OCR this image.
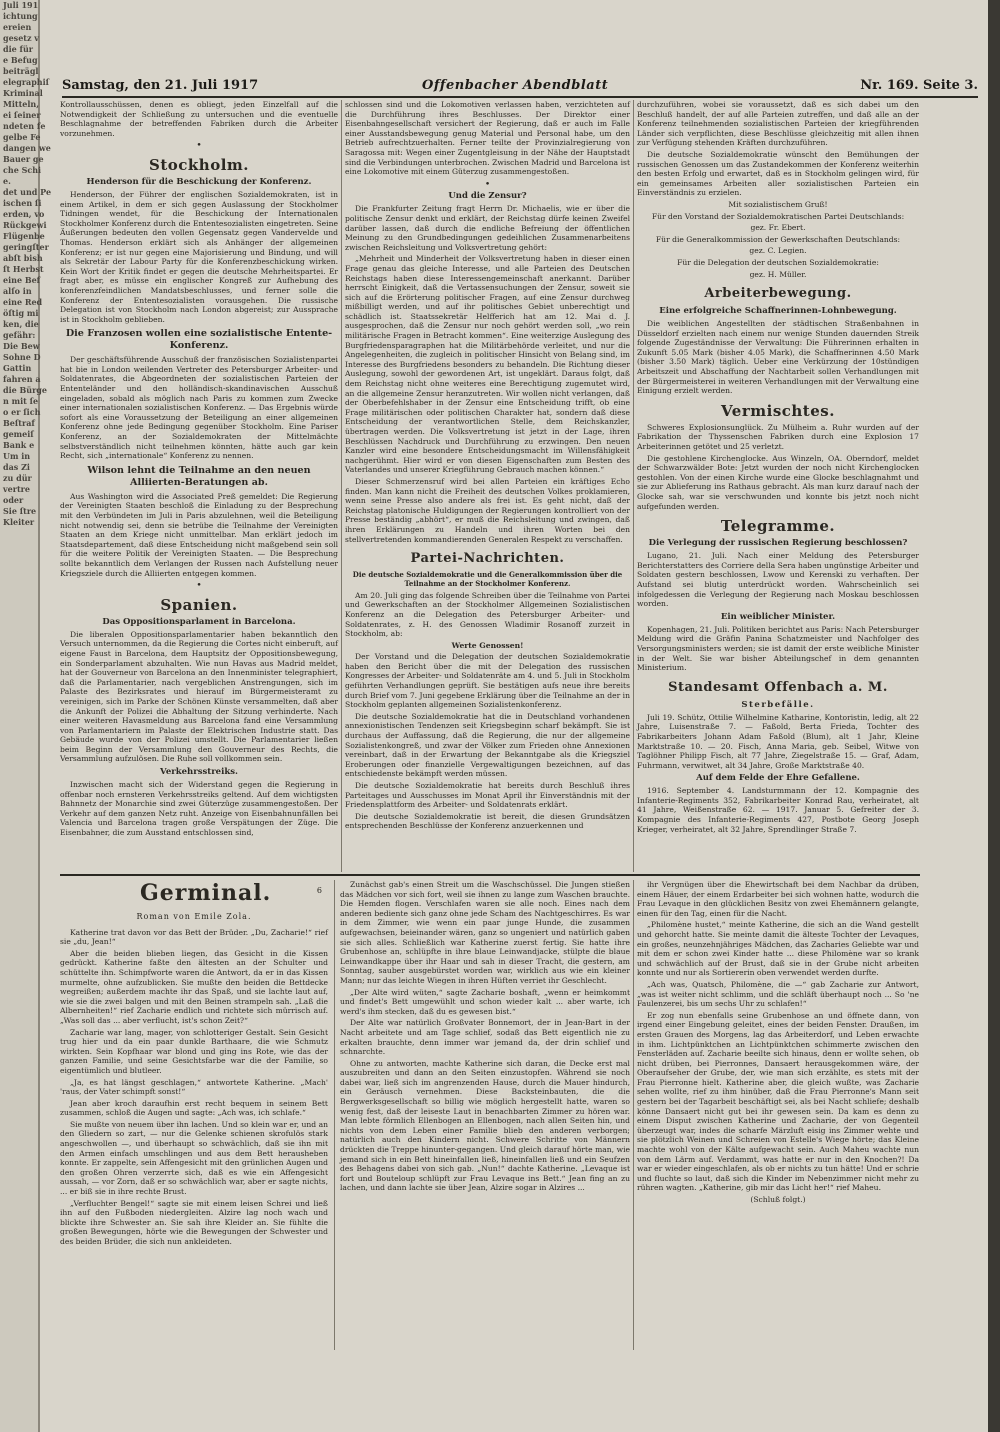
Juli 191
ichtung
ereien
gesetz v
die für
e Befug
beiträgl
elegraphiſ
Kriminal
Mitteln,
ei ſeiner
ndeten fe
gelbe Fe
dangen we
Bauer ge
che Schi
e.
det und Pe
ischen ſi
erden, vo
Rückgewi
Flügenbe
geringſter
abſt bish
ſt Herbst
eine Bef
alſo in
eine Red
öſtig mi
ken, die
gefähr:
Die Bew
Sohne D
Gattin
fahren a
die Bürge
n mit ſe
o er ſich
Beſtraf
gemeiſ
Bank e
Um in
das Zi
zu dür
vertre
oder
Sie ſtre
Kleiter
Samstag, den 21. Juli 1917	Offenbacher Abendblatt	Nr. 169. Seite 3.

Kontrollausschüssen, denen es obliegt, jeden Einzelfall auf die Notwendigkeit der Schließung zu untersuchen und die eventuelle Beschlagnahme der betreffenden Fabriken durch die Arbeiter vorzunehmen.

•
Stockholm.
Henderson für die Beschickung der Konferenz.

Henderson, der Führer der englischen Sozialdemokraten, ist in einem Artikel, in dem er sich gegen Auslassung der Stockholmer Tidningen wendet, für die Beschickung der Internationalen Stockholmer Konferenz durch die Ententesozialisten eingetreten. Seine Äußerungen bedeuten den vollen Gegensatz gegen Vandervelde und Thomas. Henderson erklärt sich als Anhänger der allgemeinen Konferenz; er ist nur gegen eine Majorisierung und Bindung, und will als Sekretär der Labour Party für die Konferenzbeschickung wirken. Kein Wort der Kritik findet er gegen die deutsche Mehrheitspartei. Er fragt aber, es müsse ein englischer Kongreß zur Aufhebung des konferenzfeindlichen Mandatsbeschlusses, und ferner solle die Konferenz der Ententesozialisten vorausgehen. Die russische Delegation ist von Stockholm nach London abgereist; zur Aussprache ist in Stockholm geblieben.

Die Franzosen wollen eine sozialistische Entente-Konferenz.

Der geschäftsführende Ausschuß der französischen Sozialistenpartei hat bie in London weilenden Vertreter des Petersburger Arbeiter- und Soldatenrates, die Abgeordneten der sozialistischen Parteien der Ententeländer und den holländisch-skandinavischen Ausschuß eingeladen, sobald als möglich nach Paris zu kommen zum Zwecke einer internationalen sozialistischen Konferenz. — Das Ergebnis würde sofort als eine Voraussetzung der Beteiligung an einer allgemeinen Konferenz ohne jede Bedingung gegenüber Stockholm. Eine Pariser Konferenz, an der Sozialdemokraten der Mittelmächte selbstverständlich nicht teilnehmen könnten, hätte auch gar kein Recht, sich „internationale“ Konferenz zu nennen.

Wilson lehnt die Teilnahme an den neuen Alliierten-Beratungen ab.

Aus Washington wird die Associated Preß gemeldet: Die Regierung der Vereinigten Staaten beschloß die Einladung zu der Besprechung mit den Verbündeten im Juli in Paris abzulehnen, weil die Beteiligung nicht notwendig sei, denn sie betrübe die Teilnahme der Vereinigten Staaten an dem Kriege nicht unmittelbar. Man erklärt jedoch im Staatsdepartement, daß diese Entscheidung nicht maßgebend sein soll für die weitere Politik der Vereinigten Staaten. — Die Besprechung sollte bekanntlich dem Verlangen der Russen nach Aufstellung neuer Kriegsziele durch die Alliierten entgegen kommen.

•
Spanien.
Das Oppositionsparlament in Barcelona.

Die liberalen Oppositionsparlamentarier haben bekanntlich den Versuch unternommen, da die Regierung die Cortes nicht einberuft, auf eigene Faust in Barcelona, dem Hauptsitz der Oppositionsbewegung, ein Sonderparlament abzuhalten. Wie nun Havas aus Madrid meldet, hat der Gouverneur von Barcelona an den Innenminister telegraphiert, daß die Parlamentarier, nach vergeblichen Anstrengungen, sich im Palaste des Bezirksrates und hierauf im Bürgermeisteramt zu vereinigen, sich im Parke der Schönen Künste versammelten, daß aber die Ankunft der Polizei die Abhaltung der Sitzung verhinderte. Nach einer weiteren Havasmeldung aus Barcelona fand eine Versammlung von Parlamentariern im Palaste der Elektrischen Industrie statt. Das Gebäude wurde von der Polizei umstellt. Die Parlamentarier ließen beim Beginn der Versammlung den Gouverneur des Rechts, die Versammlung aufzulösen. Die Ruhe soll vollkommen sein.

Verkehrsstreiks.

Inzwischen macht sich der Widerstand gegen die Regierung in offenbar noch ernsteren Verkehrsstreiks geltend. Auf dem wichtigsten Bahnnetz der Monarchie sind zwei Güterzüge zusammengestoßen. Der Verkehr auf dem ganzen Netz ruht. Anzeige von Eisenbahnunfällen bei Valencia und Barcelona tragen große Verspätungen der Züge. Die Eisenbahner, die zum Ausstand entschlossen sind,

schlossen sind und die Lokomotiven verlassen haben, verzichteten auf die Durchführung ihres Beschlusses. Der Direktor einer Eisenbahngesellschaft versichert der Regierung, daß er auch im Falle einer Ausstandsbewegung genug Material und Personal habe, um den Betrieb aufrechtzuerhalten. Ferner teilte der Provinzialregierung von Saragossa mit: Wegen einer Zugentgleisung in der Nähe der Hauptstadt sind die Verbindungen unterbrochen. Zwischen Madrid und Barcelona ist eine Lokomotive mit einem Güterzug zusammengestoßen.

•
Und die Zensur?

Die Frankfurter Zeitung fragt Herrn Dr. Michaelis, wie er über die politische Zensur denkt und erklärt, der Reichstag dürfe keinen Zweifel darüber lassen, daß durch die endliche Befreiung der öffentlichen Meinung zu den Grundbedingungen gedeihlichen Zusammenarbeitens zwischen Reichsleitung und Volksvertretung gehört:

„Mehrheit und Minderheit der Volksvertretung haben in dieser einen Frage genau das gleiche Interesse, und alle Parteien des Deutschen Reichstags haben diese Interessengemeinschaft anerkannt. Darüber herrscht Einigkeit, daß die Vertassensuchungen der Zensur, soweit sie sich auf die Erörterung politischer Fragen, auf eine Zensur durchweg mißbilligt werden, und auf ihr politisches Gebiet unberechtigt und schädlich ist. Staatssekretär Helfferich hat am 12. Mai d. J. ausgesprochen, daß die Zensur nur noch gehört werden soll, „wo rein militärische Fragen in Betracht kommen“. Eine weiterzige Auslegung des Burgfriedensparagraphen hat die Militärbehörde verleitet, und nur die Angelegenheiten, die zugleich in politischer Hinsicht von Belang sind, im Interesse des Burgfriedens besonders zu behandeln. Die Richtung dieser Auslegung, sowohl der gewordenen Art, ist ungeklärt. Daraus folgt, daß dem Reichstag nicht ohne weiteres eine Berechtigung zugemutet wird, an die allgemeine Zensur heranzutreten. Wir wollen nicht verlangen, daß der Oberbefehlshaber in der Zensur eine Entscheidung trifft, ob eine Frage militärischen oder politischen Charakter hat, sondern daß diese Entscheidung der verantwortlichen Stelle, dem Reichskanzler, übertragen werden. Die Volksvertretung ist jetzt in der Lage, ihren Beschlüssen Nachdruck und Durchführung zu erzwingen. Den neuen Kanzler wird eine besondere Entscheidungsmacht im Willensfähigkeit nachgerühmt. Hier wird er von diesen Eigenschaften zum Besten des Vaterlandes und unserer Kriegführung Gebrauch machen können.“

Dieser Schmerzensruf wird bei allen Parteien ein kräftiges Echo finden. Man kann nicht die Freiheit des deutschen Volkes proklamieren, wenn seine Presse also andere als frei ist. Es geht nicht, daß der Reichstag platonische Huldigungen der Regierungen kontrolliert von der Presse beständig „abhört“, er muß die Reichsleitung und zwingen, daß ihren Erklärungen zu Handeln und ihren Worten bei den stellvertretenden kommandierenden Generalen Respekt zu verschaffen.

Partei-Nachrichten.
Die deutsche Sozialdemokratie und die Generalkommission über die Teilnahme an der Stockholmer Konferenz.

Am 20. Juli ging das folgende Schreiben über die Teilnahme von Partei und Gewerkschaften an der Stockholmer Allgemeinen Sozialistischen Konferenz an die Delegation des Petersburger Arbeiter- und Soldatenrates, z. H. des Genossen Wladimir Rosanoff zurzeit in Stockholm, ab:

Werte Genossen!

Der Vorstand und die Delegation der deutschen Sozialdemokratie haben den Bericht über die mit der Delegation des russischen Kongresses der Arbeiter- und Soldatenräte am 4. und 5. Juli in Stockholm geführten Verhandlungen geprüft. Sie bestätigen aufs neue ihre bereits durch Brief vom 7. Juni gegebene Erklärung über die Teilnahme an der in Stockholm geplanten allgemeinen Sozialistenkonferenz.

Die deutsche Sozialdemokratie hat die in Deutschland vorhandenen annexionistischen Tendenzen seit Kriegsbeginn scharf bekämpft. Sie ist durchaus der Auffassung, daß die Regierung, die nur der allgemeine Sozialistenkongreß, und zwar der Völker zum Frieden ohne Annexionen vereinbart, daß in der Erwartung der Bekanntgabe als die Kriegsziel Eroberungen oder finanzielle Vergewaltigungen bezeichnen, auf das entschiedenste bekämpft werden müssen.

Die deutsche Sozialdemokratie hat bereits durch Beschluß ihres Parteitages und Ausschusses im Monat April ihr Einverständnis mit der Friedensplattform des Arbeiter- und Soldatenrats erklärt.

Die deutsche Sozialdemokratie ist bereit, die diesen Grundsätzen entsprechenden Beschlüsse der Konferenz anzuerkennen und

durchzuführen, wobei sie voraussetzt, daß es sich dabei um den Beschluß handelt, der auf alle Parteien zutreffen, und daß alle an der Konferenz teilnehmenden sozialistischen Parteien der kriegführenden Länder sich verpflichten, diese Beschlüsse gleichzeitig mit allen ihnen zur Verfügung stehenden Kräften durchzuführen.

Die deutsche Sozialdemokratie wünscht den Bemühungen der russischen Genossen um das Zustandekommen der Konferenz weiterhin den besten Erfolg und erwartet, daß es in Stockholm gelingen wird, für ein gemeinsames Arbeiten aller sozialistischen Parteien ein Einverständnis zu erzielen.

Mit sozialistischem Gruß!

Für den Vorstand der Sozialdemokratischen Partei Deutschlands:

gez. Fr. Ebert.

Für die Generalkommission der Gewerkschaften Deutschlands:

gez. C. Legien.

Für die Delegation der deutschen Sozialdemokratie:

gez. H. Müller.

Arbeiterbewegung.
Eine erfolgreiche Schaffnerinnen-Lohnbewegung.

Die weiblichen Angestellten der städtischen Straßenbahnen in Düsseldorf erzielten nach einem nur wenige Stunden dauernden Streik folgende Zugeständnisse der Verwaltung: Die Führerinnen erhalten in Zukunft 5.05 Mark (bisher 4.05 Mark), die Schaffnerinnen 4.50 Mark (bisher 3.50 Mark) täglich. Ueber eine Verkürzung der 10stündigen Arbeitszeit und Abschaffung der Nachtarbeit sollen Verhandlungen mit der Bürgermeisterei in weiteren Verhandlungen mit der Verwaltung eine Einigung erzielt werden.

Vermischtes.

Schweres Explosionsunglück. Zu Mülheim a. Ruhr wurden auf der Fabrikation der Thyssenschen Fabriken durch eine Explosion 17 Arbeiterinnen getötet und 25 verletzt.

Die gestohlene Kirchenglocke. Aus Winzeln, OA. Oberndorf, meldet der Schwarzwälder Bote: Jetzt wurden der noch nicht Kirchenglocken gestohlen. Von der einen Kirche wurde eine Glocke beschlagnahmt und sie zur Ablieferung ins Rathaus gebracht. Als man kurz darauf nach der Glocke sah, war sie verschwunden und konnte bis jetzt noch nicht aufgefunden werden.

Telegramme.
Die Verlegung der russischen Regierung beschlossen?

Lugano, 21. Juli. Nach einer Meldung des Petersburger Berichterstatters des Corriere della Sera haben ungünstige Arbeiter und Soldaten gestern beschlossen, Lwow und Kerenski zu verhaften. Der Aufstand sei blutig unterdrückt worden. Wahrscheinlich sei infolgedessen die Verlegung der Regierung nach Moskau beschlossen worden.

Ein weiblicher Minister.

Kopenhagen, 21. Juli. Politiken berichtet aus Paris: Nach Petersburger Meldung wird die Gräfin Panina Schatzmeister und Nachfolger des Versorgungsministers werden; sie ist damit der erste weibliche Minister in der Welt. Sie war bisher Abteilungschef in dem genannten Ministerium.

Standesamt Offenbach a. M.
Sterbefälle.

Juli 19. Schütz, Ottilie Wilhelmine Katharine, Kontoristin, ledig, alt 22 Jahre, Luisenstraße 7. — Faßold, Berta Frieda, Tochter des Fabrikarbeiters Johann Adam Faßold (Blum), alt 1 Jahr, Kleine Marktstraße 10. — 20. Fisch, Anna Maria, geb. Seibel, Witwe von Taglöhner Philipp Fisch, alt 77 Jahre, Ziegelstraße 15. — Graf, Adam, Fuhrmann, verwitwet, alt 34 Jahre, Große Marktstraße 40.

Auf dem Felde der Ehre Gefallene.

1916. September 4. Landsturmmann der 12. Kompagnie des Infanterie-Regiments 352, Fabrikarbeiter Konrad Rau, verheiratet, alt 41 Jahre, Weißenstraße 62. — 1917. Januar 5. Gefreiter der 3. Kompagnie des Infanterie-Regiments 427, Postbote Georg Joseph Krieger, verheiratet, alt 32 Jahre, Sprendlinger Straße 7.

Germinal.	6
Roman von Emile Zola.

Katherine trat davon vor das Bett der Brüder. „Du, Zacharie!“ rief sie „du, Jean!“

Aber die beiden blieben liegen, das Gesicht in die Kissen gedrückt. Katherine faßte den ältesten an der Schulter und schüttelte ihn. Schimpfworte waren die Antwort, da er in das Kissen murmelte, ohne aufzublicken. Sie mußte den beiden die Bettdecke wegreißen; außerdem machte ihr das Spaß, und sie lachte laut auf, wie sie die zwei balgen und mit den Beinen strampeln sah. „Laß die Albernheiten!“ rief Zacharie endlich und richtete sich mürrisch auf. „Was soll das ... aber verflucht, ist's schon Zeit?“

Zacharie war lang, mager, von schlotteriger Gestalt. Sein Gesicht trug hier und da ein paar dunkle Barthaare, die wie Schmutz wirkten. Sein Kopfhaar war blond und ging ins Rote, wie das der ganzen Familie, und seine Gesichtsfarbe war die der Familie, so eigentümlich und blutleer.

„Ja, es hat längst geschlagen,“ antwortete Katherine. „Mach' 'raus, der Vater schimpft sonst!“

Jean aber kroch daraufhin erst recht bequem in seinem Bett zusammen, schloß die Augen und sagte: „Ach was, ich schlafe.“

Sie mußte von neuem über ihn lachen. Und so klein war er, und an den Gliedern so zart, — nur die Gelenke schienen skrofulös stark angeschwollen —, und überhaupt so schwächlich, daß sie ihn mit den Armen einfach umschlingen und aus dem Bett herausheben konnte. Er zappelte, sein Affengesicht mit den grünlichen Augen und den großen Ohren verzerrte sich, daß es wie ein Affengesicht aussah, — vor Zorn, daß er so schwächlich war, aber er sagte nichts, ... er biß sie in ihre rechte Brust.

„Verfluchter Bengel!“ sagte sie mit einem leisen Schrei und ließ ihn auf den Fußboden niedergleiten. Alzire lag noch wach und blickte ihre Schwester an. Sie sah ihre Kleider an. Sie fühlte die großen Bewegungen, hörte wie die Bewegungen der Schwester und des beiden Brüder, die sich nun ankleideten.

Zunächst gab's einen Streit um die Waschschüssel. Die Jungen stießen das Mädchen vor sich fort, weil sie ihnen zu lange zum Waschen brauchte. Die Hemden flogen. Verschlafen waren sie alle noch. Eines nach dem anderen bediente sich ganz ohne jede Scham des Nachtgeschirres. Es war in dem Zimmer, wie wenn ein paar junge Hunde, die zusammen aufgewachsen, beieinander wären, ganz so ungeniert und natürlich gaben sie sich alles. Schließlich war Katherine zuerst fertig. Sie hatte ihre Grubenhose an, schlüpfte in ihre blaue Leinwandjacke, stülpte die blaue Leinwandkappe über ihr Haar und sah in dieser Tracht, die gestern, am Sonntag, sauber ausgebürstet worden war, wirklich aus wie ein kleiner Mann; nur das leichte Wiegen in ihren Hüften verriet ihr Geschlecht.

„Der Alte wird wüten,“ sagte Zacharie boshaft, „wenn er heimkommt und findet's Bett umgewühlt und schon wieder kalt ... aber warte, ich werd's ihm stecken, daß du es gewesen bist.“

Der Alte war natürlich Großvater Bonnemort, der in Jean-Bart in der Nacht arbeitete und am Tage schlief, sodaß das Bett eigentlich nie zu erkalten brauchte, denn immer war jemand da, der drin schlief und schnarchte.

Ohne zu antworten, machte Katherine sich daran, die Decke erst mal auszubreiten und dann an den Seiten einzustopfen. Während sie noch dabei war, ließ sich im angrenzenden Hause, durch die Mauer hindurch, ein Geräusch vernehmen. Diese Backsteinbauten, die die Bergwerksgesellschaft so billig wie möglich hergestellt hatte, waren so wenig fest, daß der leiseste Laut in benachbarten Zimmer zu hören war. Man lebte förmlich Ellenbogen an Ellenbogen, nach allen Seiten hin, und nichts von dem Leben einer Familie blieb den anderen verborgen; natürlich auch den Kindern nicht. Schwere Schritte von Männern drückten die Treppe hinunter-gegangen. Und gleich darauf hörte man, wie jemand sich in ein Bett hineinfallen ließ, hineinfallen ließ und ein Seufzen des Behagens dabei von sich gab. „Nun!“ dachte Katherine. „Levaque ist fort und Bouteloup schlüpft zur Frau Levaque ins Bett.“ Jean fing an zu lachen, und dann lachte sie über Jean, Alzire sogar in Alzires ...

ihr Vergnügen über die Ehewirtschaft bei dem Nachbar da drüben, einem Häuer, der einem Erdarbeiter bei sich wohnen hatte, wodurch die Frau Levaque in den glücklichen Besitz von zwei Ehemännern gelangte, einen für den Tag, einen für die Nacht.

„Philomène hustet,“ meinte Katherine, die sich an die Wand gestellt und gehorcht hatte. Sie meinte damit die älteste Tochter der Levaques, ein großes, neunzehnjähriges Mädchen, das Zacharies Geliebte war und mit dem er schon zwei Kinder hatte ... diese Philomène war so krank und schwächlich auf der Brust, daß sie in der Grube nicht arbeiten konnte und nur als Sortiererin oben verwendet werden durfte.

„Ach was, Quatsch, Philomène, die —“ gab Zacharie zur Antwort, „was ist weiter nicht schlimm, und die schläft überhaupt noch ... So 'ne Faulenzerei, bis um sechs Uhr zu schlafen!“

Er zog nun ebenfalls seine Grubenhose an und öffnete dann, von irgend einer Eingebung geleitet, eines der beiden Fenster. Draußen, im ersten Grauen des Morgens, lag das Arbeiterdorf, und Leben erwachte in ihm. Lichtpünktchen an Lichtpünktchen schimmerte zwischen den Fensterläden auf. Zacharie beeilte sich hinaus, denn er wollte sehen, ob nicht drüben, bei Pierronnes, Dansaert herausgekommen wäre, der Oberaufseher der Grube, der, wie man sich erzählte, es stets mit der Frau Pierronne hielt. Katherine aber, die gleich wußte, was Zacharie sehen wollte, rief zu ihm hinüber, daß die Frau Pierronne's Mann seit gestern bei der Tagarbeit beschäftigt sei, als bei Nacht schliefe; deshalb könne Dansaert nicht gut bei ihr gewesen sein. Da kam es denn zu einem Disput zwischen Katherine und Zacharie, der von Gegenteil überzeugt war, indes die scharfe Märzluft eisig ins Zimmer wehte und sie plötzlich Weinen und Schreien von Estelle's Wiege hörte; das Kleine machte wohl von der Kälte aufgewacht sein. Auch Maheu wachte nun von dem Lärm auf. Verdammt, was hatte er nur in den Knochen?! Da war er wieder eingeschlafen, als ob er nichts zu tun hätte! Und er schrie und fluchte so laut, daß sich die Kinder im Nebenzimmer nicht mehr zu rühren wagten. „Katherine, gib mir das Licht her!“ rief Maheu.

(Schluß folgt.)
